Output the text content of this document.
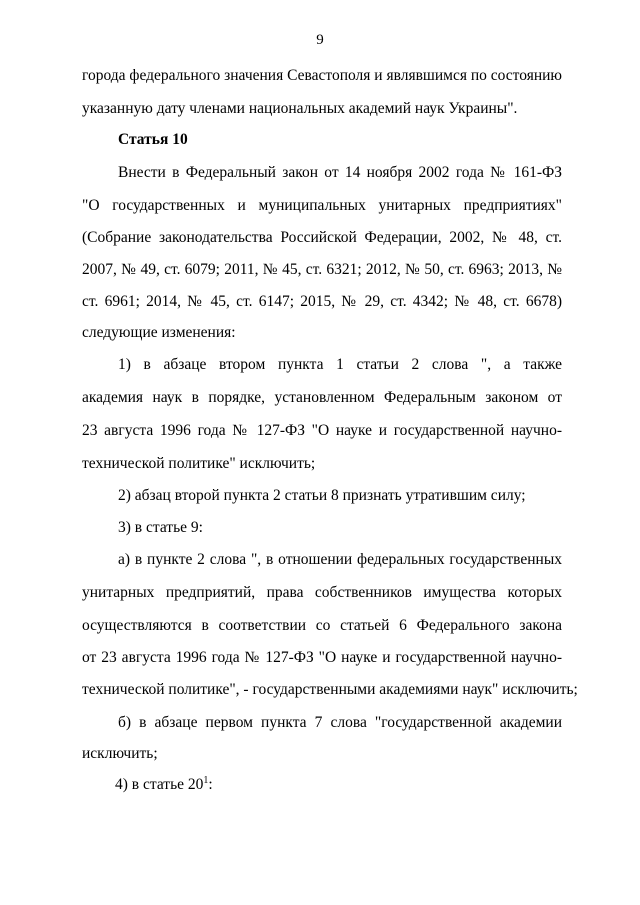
9
города федерального значения Севастополя и являвшимся по состоянию
указанную дату членами национальных академий наук Украины".
Статья 10
Внести в Федеральный закон от 14 ноября 2002 года № 161-ФЗ
"О государственных и муниципальных унитарных предприятиях"
(Собрание законодательства Российской Федерации, 2002, № 48, ст.
2007, № 49, ст. 6079; 2011, № 45, ст. 6321; 2012, № 50, ст. 6963; 2013, №
ст. 6961; 2014, № 45, ст. 6147; 2015, № 29, ст. 4342; № 48, ст. 6678)
следующие изменения:
1) в абзаце втором пункта 1 статьи 2 слова ", а также
академия наук в порядке, установленном Федеральным законом от
23 августа 1996 года № 127-ФЗ "О науке и государственной научно-
технической политике" исключить;
2) абзац второй пункта 2 статьи 8 признать утратившим силу;
3) в статье 9:
а) в пункте 2 слова ", в отношении федеральных государственных
унитарных предприятий, права собственников имущества которых
осуществляются в соответствии со статьей 6 Федерального закона
от 23 августа 1996 года № 127-ФЗ "О науке и государственной научно-
технической политике", - государственными академиями наук" исключить;
б) в абзаце первом пункта 7 слова "государственной академии
исключить;
4) в статье $20^1$:
